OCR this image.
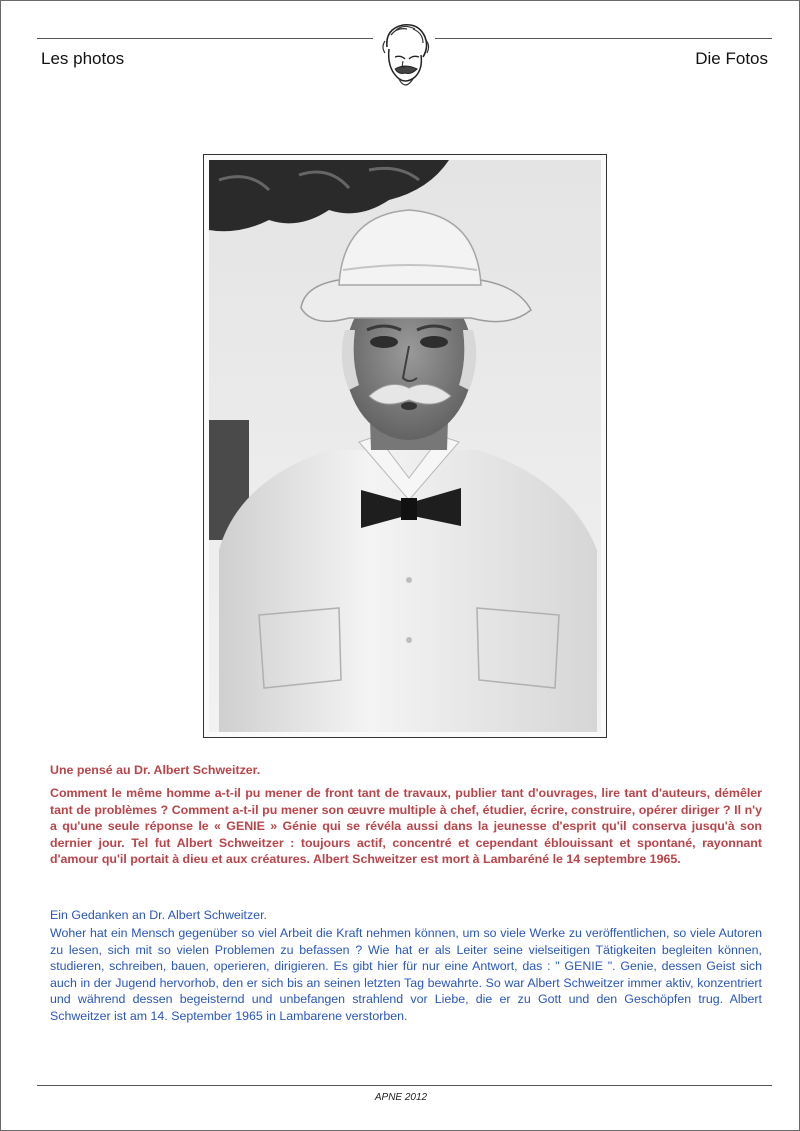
Les photos	Die Fotos
Une pensé au Dr. Albert Schweitzer.
Comment le même homme a-t-il pu mener de front tant de travaux, publier tant d'ouvrages, lire tant d'auteurs, démêler tant de problèmes ? Comment a-t-il pu mener son œuvre multiple à chef, étudier, écrire, construire, opérer diriger ? Il n'y a qu'une seule réponse le « GENIE » Génie qui se révéla aussi dans la jeunesse d'esprit qu'il conserva jusqu'à son dernier jour. Tel fut Albert Schweitzer : toujours actif, concentré et cependant éblouissant et spontané, rayonnant d'amour qu'il portait à dieu et aux créatures. Albert Schweitzer est mort à Lambaréné le 14 septembre 1965.
Ein Gedanken an Dr. Albert Schweitzer.
Woher hat ein Mensch gegenüber so viel Arbeit die Kraft nehmen können, um so viele Werke zu veröffentlichen, so viele Autoren zu lesen, sich mit so vielen Problemen zu befassen ? Wie hat er als Leiter seine vielseitigen Tätigkeiten begleiten können, studieren, schreiben, bauen, operieren, dirigieren. Es gibt hier für nur eine Antwort, das : " GENIE ". Genie, dessen Geist sich auch in der Jugend hervorhob, den er sich bis an seinen letzten Tag bewahrte. So war Albert Schweitzer immer aktiv, konzentriert und während dessen begeisternd und unbefangen strahlend vor Liebe, die er zu Gott und den Geschöpfen trug. Albert Schweitzer ist am 14. September 1965 in Lambarene verstorben.
APNE 2012
